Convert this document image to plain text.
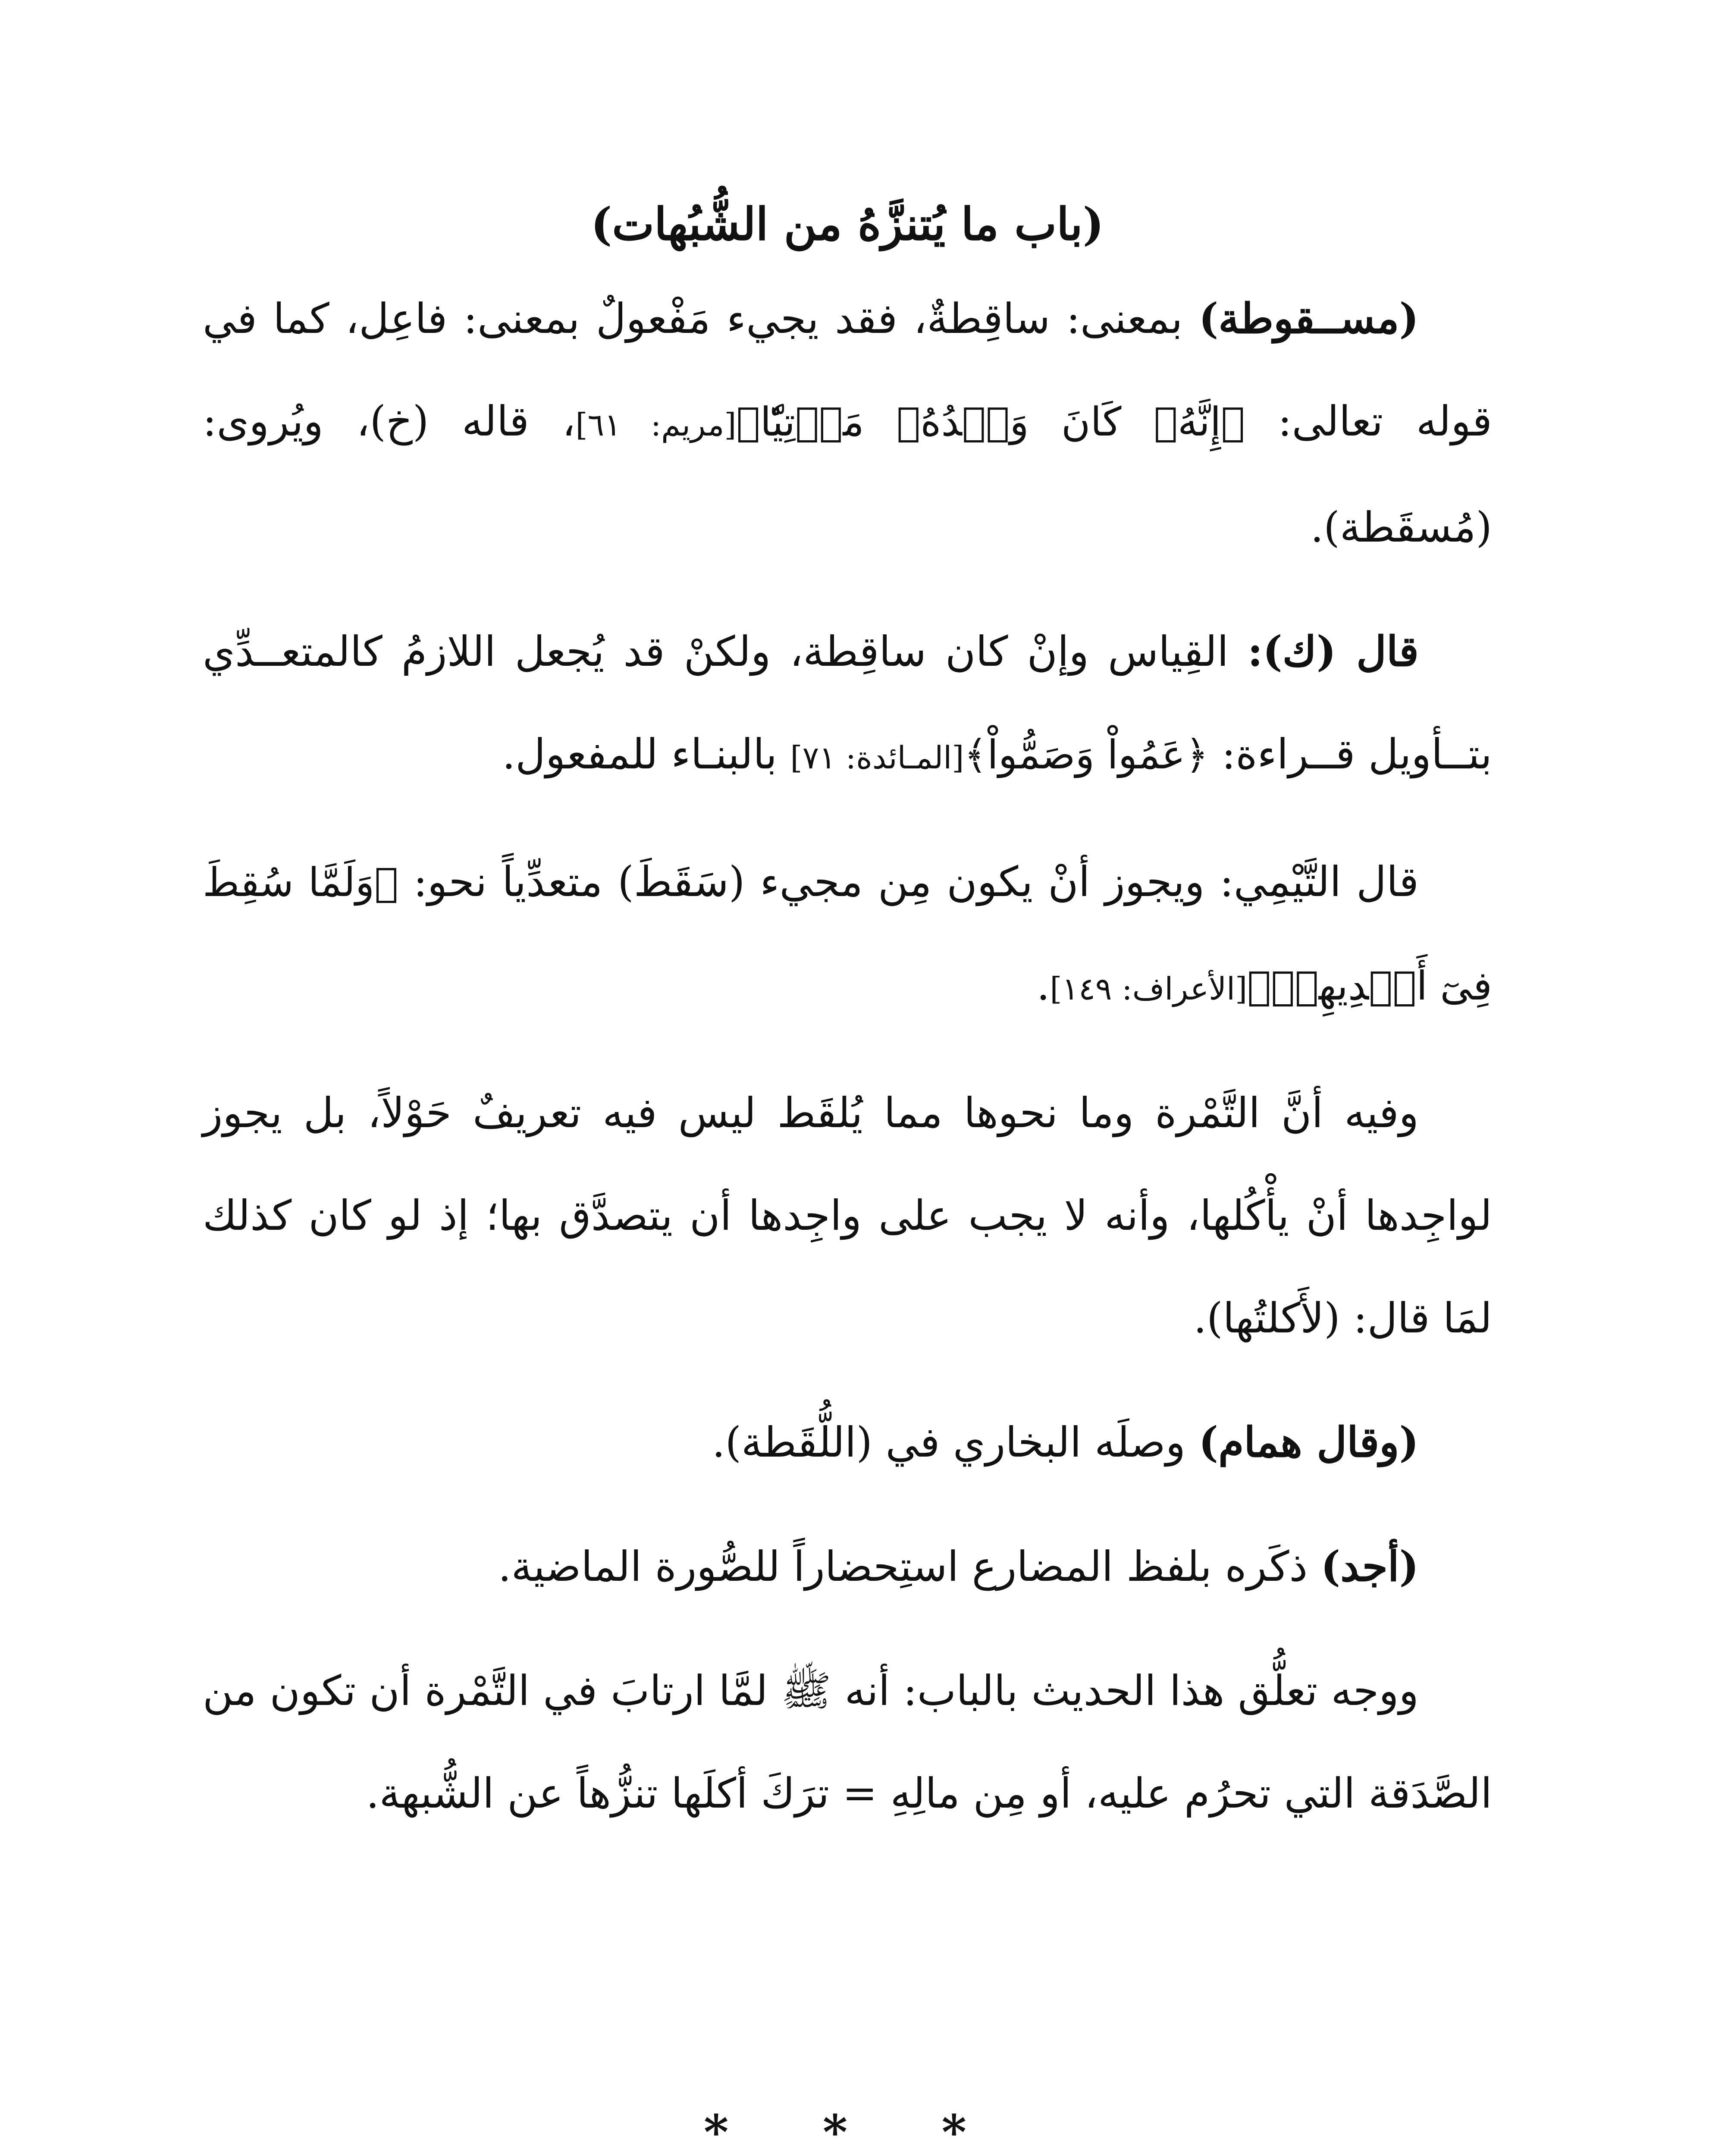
(باب ما يُتنزَّهُ من الشُّبُهات)

(مســقوطة) بمعنى: ساقِطةٌ، فقد يجيء مَفْعولٌ بمعنى: فاعِل، كما في قوله تعالى: ﴿إِنَّهُۥ كَانَ وَعۡدُهُۥ مَأۡتِيّٗا﴾[مريم: ٦١]، قاله (خ)، ويُروى: (مُسقَطة).

قال (ك): القِياس وإنْ كان ساقِطة، ولكنْ قد يُجعل اللازمُ كالمتعــدِّي بتــأويل قــراءة: ﴿عَمُواْ وَصَمُّواْ﴾[المـائدة: ٧١] بالبنـاء للمفعول.

قال التَّيْمِي: ويجوز أنْ يكون مِن مجيء (سَقَطَ) متعدِّياً نحو: ﴿وَلَمَّا سُقِطَ فِىٓ أَيۡدِيهِمۡ﴾[الأعراف: ١٤٩].

وفيه أنَّ التَّمْرة وما نحوها مما يُلقَط ليس فيه تعريفٌ حَوْلاً، بل يجوز لواجِدها أنْ يأْكُلها، وأنه لا يجب على واجِدها أن يتصدَّق بها؛ إذ لو كان كذلك لمَا قال: (لأَكلتُها).

(وقال همام) وصلَه البخاري في (اللُّقَطة).

(أجد) ذكَره بلفظ المضارع استِحضاراً للصُّورة الماضية.

ووجه تعلُّق هذا الحديث بالباب: أنه ﷺ لمَّا ارتابَ في التَّمْرة أن تكون من الصَّدَقة التي تحرُم عليه، أو مِن مالِهِ = ترَكَ أكلَها تنزُّهاً عن الشُّبهة.

* * *
